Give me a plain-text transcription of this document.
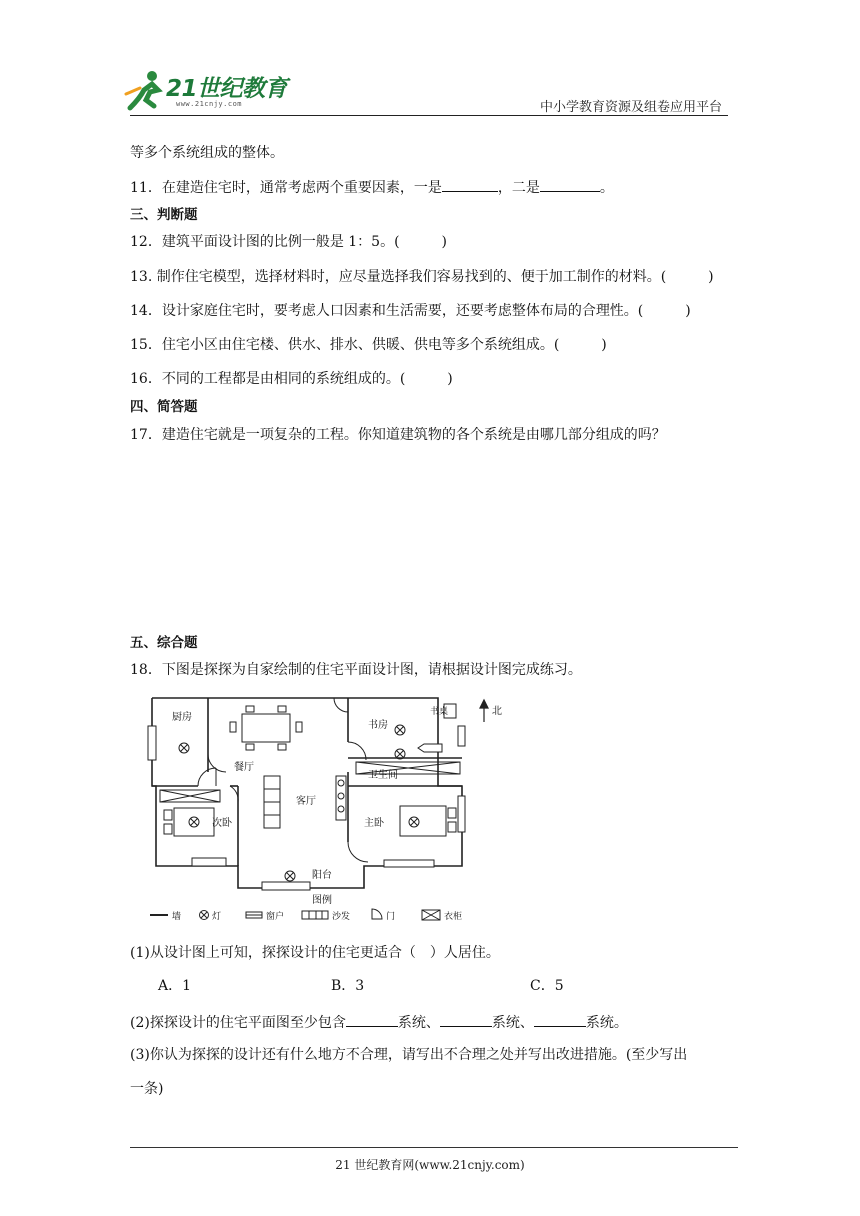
21世纪教育
www.21cnjy.com	中小学教育资源及组卷应用平台
等多个系统组成的整体。
11．在建造住宅时，通常考虑两个重要因素，一是	，二是	。
三、判断题
12．建筑平面设计图的比例一般是 1：5。(　　　)
13. 制作住宅模型，选择材料时，应尽量选择我们容易找到的、便于加工制作的材料。(　　　)
14．设计家庭住宅时，要考虑人口因素和生活需要，还要考虑整体布局的合理性。(　　　)
15．住宅小区由住宅楼、供水、排水、供暖、供电等多个系统组成。(　　　)
16．不同的工程都是由相同的系统组成的。(　　　)
四、简答题
17．建造住宅就是一项复杂的工程。你知道建筑物的各个系统是由哪几部分组成的吗？
五、综合题
18．下图是探探为自家绘制的住宅平面设计图，请根据设计图完成练习。
厨房
餐厅
书房
书桌
卫生间
客厅
次卧	主卧
阳台
北
图例
墙	灯	窗户	沙发	门	衣柜
(1)从设计图上可知，探探设计的住宅更适合（　）人居住。
A．1	B．3	C．5
(2)探探设计的住宅平面图至少包含	系统、	系统、	系统。
(3)你认为探探的设计还有什么地方不合理，请写出不合理之处并写出改进措施。(至少写出
一条)
21 世纪教育网(www.21cnjy.com)
